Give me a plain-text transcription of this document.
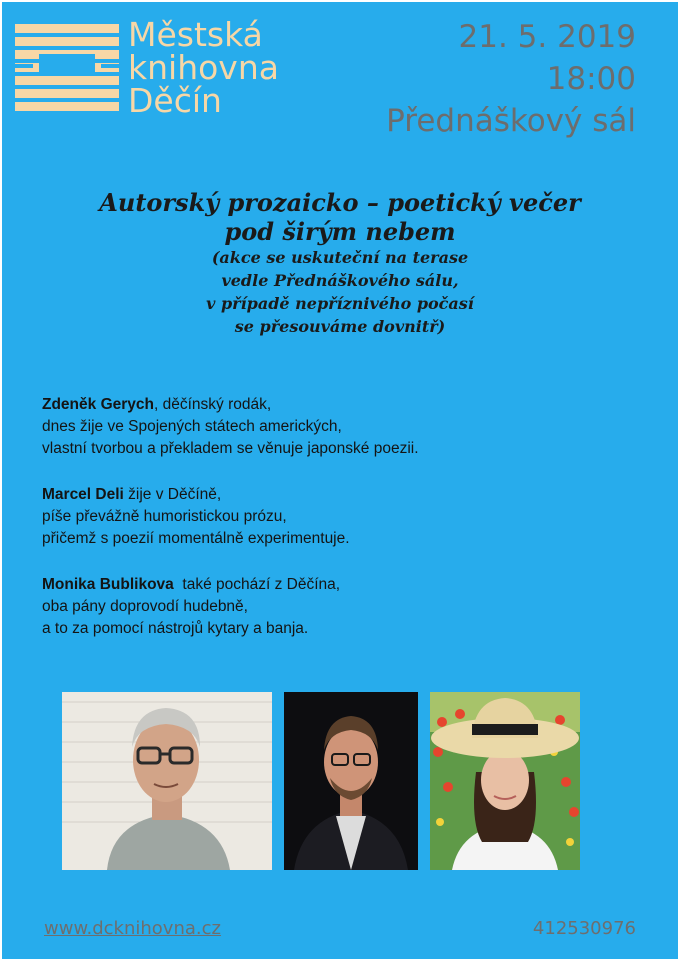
Městská
knihovna
Děčín
21. 5. 2019
18:00
Přednáškový sál
Autorský prozaicko – poetický večer
pod širým nebem
(akce se uskuteční na terase
vedle Přednáškového sálu,
v případě nepříznivého počasí
se přesouváme dovnitř)
Zdeněk Gerych, děčínský rodák,
dnes žije ve Spojených státech amerických,
vlastní tvorbou a překladem se věnuje japonské poezii.
Marcel Deli žije v Děčíně,
píše převážně humoristickou prózu,
přičemž s poezií momentálně experimentuje.
Monika Bublikova  také pochází z Děčína,
oba pány doprovodí hudebně,
a to za pomocí nástrojů kytary a banja.
www.dcknihovna.cz	412530976
